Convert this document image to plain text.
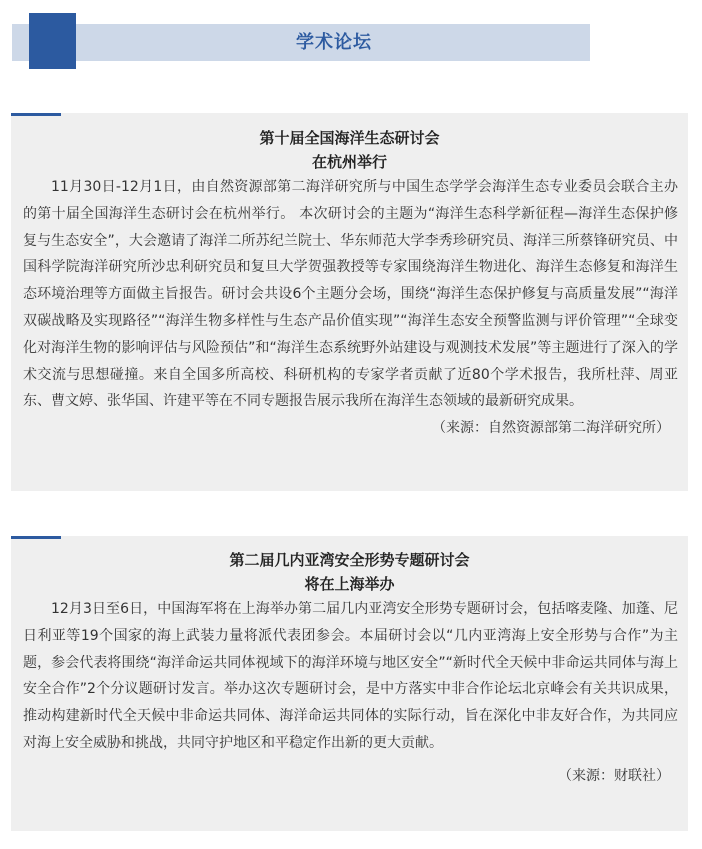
学术论坛
第十届全国海洋生态研讨会
在杭州举行

11月30日-12月1日，由自然资源部第二海洋研究所与中国生态学学会海洋生态专业委员会联合主办的第十届全国海洋生态研讨会在杭州举行。 本次研讨会的主题为“海洋生态科学新征程—海洋生态保护修复与生态安全”，大会邀请了海洋二所苏纪兰院士、华东师范大学李秀珍研究员、海洋三所蔡锋研究员、中国科学院海洋研究所沙忠利研究员和复旦大学贺强教授等专家围绕海洋生物进化、海洋生态修复和海洋生态环境治理等方面做主旨报告。研讨会共设6个主题分会场，围绕“海洋生态保护修复与高质量发展”“海洋双碳战略及实现路径”“海洋生物多样性与生态产品价值实现”“海洋生态安全预警监测与评价管理”“全球变化对海洋生物的影响评估与风险预估”和“海洋生态系统野外站建设与观测技术发展”等主题进行了深入的学术交流与思想碰撞。来自全国多所高校、科研机构的专家学者贡献了近80个学术报告，我所杜萍、周亚东、曹文婷、张华国、许建平等在不同专题报告展示我所在海洋生态领域的最新研究成果。

（来源：自然资源部第二海洋研究所）
第二届几内亚湾安全形势专题研讨会
将在上海举办

12月3日至6日，中国海军将在上海举办第二届几内亚湾安全形势专题研讨会，包括喀麦隆、加蓬、尼日利亚等19个国家的海上武装力量将派代表团参会。本届研讨会以“几内亚湾海上安全形势与合作”为主题，参会代表将围绕“海洋命运共同体视域下的海洋环境与地区安全”“新时代全天候中非命运共同体与海上安全合作”2个分议题研讨发言。举办这次专题研讨会，是中方落实中非合作论坛北京峰会有关共识成果，推动构建新时代全天候中非命运共同体、海洋命运共同体的实际行动，旨在深化中非友好合作，为共同应对海上安全威胁和挑战，共同守护地区和平稳定作出新的更大贡献。

（来源：财联社）
